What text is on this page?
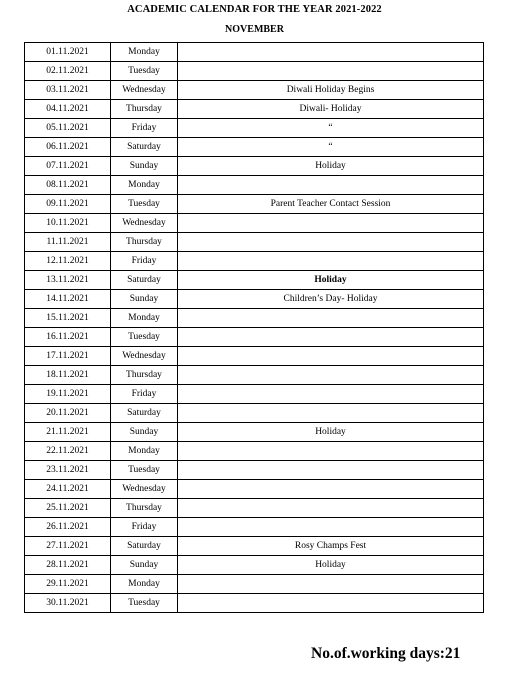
ACADEMIC CALENDAR FOR THE YEAR 2021-2022
NOVEMBER
01.11.2021	Monday	
02.11.2021	Tuesday	
03.11.2021	Wednesday	Diwali Holiday Begins
04.11.2021	Thursday	Diwali- Holiday
05.11.2021	Friday	“
06.11.2021	Saturday	“
07.11.2021	Sunday	Holiday
08.11.2021	Monday	
09.11.2021	Tuesday	Parent Teacher Contact Session
10.11.2021	Wednesday	
11.11.2021	Thursday	
12.11.2021	Friday	
13.11.2021	Saturday	Holiday
14.11.2021	Sunday	Children’s Day- Holiday
15.11.2021	Monday	
16.11.2021	Tuesday	
17.11.2021	Wednesday	
18.11.2021	Thursday	
19.11.2021	Friday	
20.11.2021	Saturday	
21.11.2021	Sunday	Holiday
22.11.2021	Monday	
23.11.2021	Tuesday	
24.11.2021	Wednesday	
25.11.2021	Thursday	
26.11.2021	Friday	
27.11.2021	Saturday	Rosy Champs Fest
28.11.2021	Sunday	Holiday
29.11.2021	Monday	
30.11.2021	Tuesday	
No.of.working days:21
